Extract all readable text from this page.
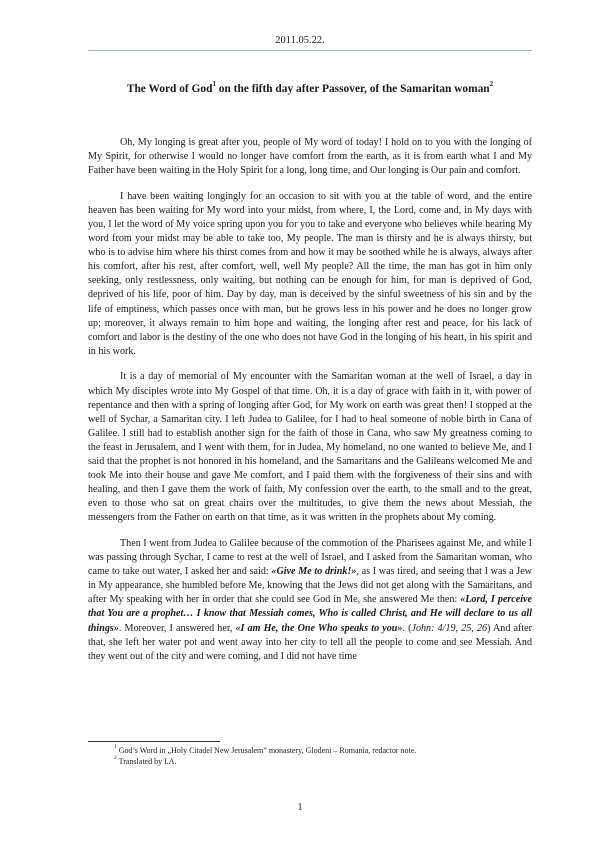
2011.05.22.
The Word of God$^1$ on the fifth day after Passover, of the Samaritan woman$^2$

Oh, My longing is great after you, people of My word of today! I hold on to you with the longing of My Spirit, for otherwise I would no longer have comfort from the earth, as it is from earth what I and My Father have been waiting in the Holy Spirit for a long, long time, and Our longing is Our pain and comfort.

I have been waiting longingly for an occasion to sit with you at the table of word, and the entire heaven has been waiting for My word into your midst, from where, I, the Lord, come and, in My days with you, I let the word of My voice spring upon you for you to take and everyone who believes while hearing My word from your midst may be able to take too, My people. The man is thirsty and he is always thirsty, but who is to advise him where his thirst comes from and how it may be soothed while he is always, always after his comfort, after his rest, after comfort, well, well My people? All the time, the man has got in him only seeking, only restlessness, only waiting, but nothing can be enough for him, for man is deprived of God, deprived of his life, poor of him. Day by day, man is deceived by the sinful sweetness of his sin and by the life of emptiness, which passes once with man, but he grows less in his power and he does no longer grow up; moreover, it always remain to him hope and waiting, the longing after rest and peace, for his lack of comfort and labor is the destiny of the one who does not have God in the longing of his heart, in his spirit and in his work.

It is a day of memorial of My encounter with the Samaritan woman at the well of Israel, a day in which My disciples wrote into My Gospel of that time. Oh, it is a day of grace with faith in it, with power of repentance and then with a spring of longing after God, for My work on earth was great then! I stopped at the well of Sychar, a Samaritan city. I left Judea to Galilee, for I had to heal someone of noble birth in Cana of Galilee. I still had to establish another sign for the faith of those in Cana, who saw My greatness coming to the feast in Jerusalem, and I went with them, for in Judea, My homeland, no one wanted to believe Me, and I said that the prophet is not honored in his homeland, and the Samaritans and the Galileans welcomed Me and took Me into their house and gave Me comfort, and I paid them with the forgiveness of their sins and with healing, and then I gave them the work of faith, My confession over the earth, to the small and to the great, even to those who sat on great chairs over the multitudes, to give them the news about Messiah, the messengers from the Father on earth on that time, as it was written in the prophets about My coming.

Then I went from Judea to Galilee because of the commotion of the Pharisees against Me, and while I was passing through Sychar, I came to rest at the well of Israel, and I asked from the Samaritan woman, who came to take out water, I asked her and said: «Give Me to drink!», as I was tired, and seeing that I was a Jew in My appearance, she humbled before Me, knowing that the Jews did not get along with the Samaritans, and after My speaking with her in order that she could see God in Me, she answered Me then: «Lord, I perceive that You are a prophet… I know that Messiah comes, Who is called Christ, and He will declare to us all things». Moreover, I answered her, «I am He, the One Who speaks to you». (John: 4/19, 25, 26) And after that, she left her water pot and went away into her city to tell all the people to come and see Messiah. And they went out of the city and were coming, and I did not have time

$^1$ God’s Word in „Holy Citadel New Jerusalem” monastery, Glodeni – Romania, redactor note.
$^2$ Translated by I.A.
1
